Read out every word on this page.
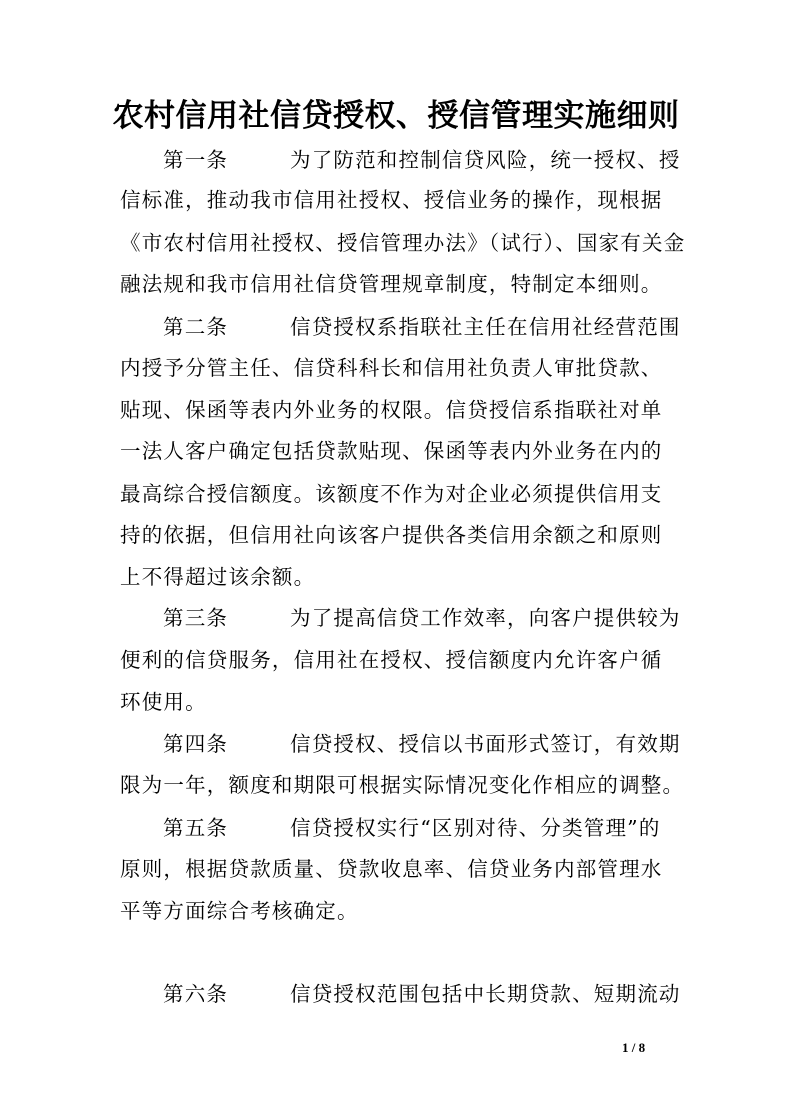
农村信用社信贷授权、授信管理实施细则
第一条	为了防范和控制信贷风险，统一授权、授
信标准，推动我市信用社授权、授信业务的操作，现根据
《市农村信用社授权、授信管理办法》（试行）、国家有关金
融法规和我市信用社信贷管理规章制度，特制定本细则。
第二条	信贷授权系指联社主任在信用社经营范围
内授予分管主任、信贷科科长和信用社负责人审批贷款、
贴现、保函等表内外业务的权限。信贷授信系指联社对单
一法人客户确定包括贷款贴现、保函等表内外业务在内的
最高综合授信额度。该额度不作为对企业必须提供信用支
持的依据，但信用社向该客户提供各类信用余额之和原则
上不得超过该余额。
第三条	为了提高信贷工作效率，向客户提供较为
便利的信贷服务，信用社在授权、授信额度内允许客户循
环使用。
第四条	信贷授权、授信以书面形式签订，有效期
限为一年，额度和期限可根据实际情况变化作相应的调整。
第五条	信贷授权实行“区别对待、分类管理”的
原则，根据贷款质量、贷款收息率、信贷业务内部管理水
平等方面综合考核确定。
第六条	信贷授权范围包括中长期贷款、短期流动
1 / 8
